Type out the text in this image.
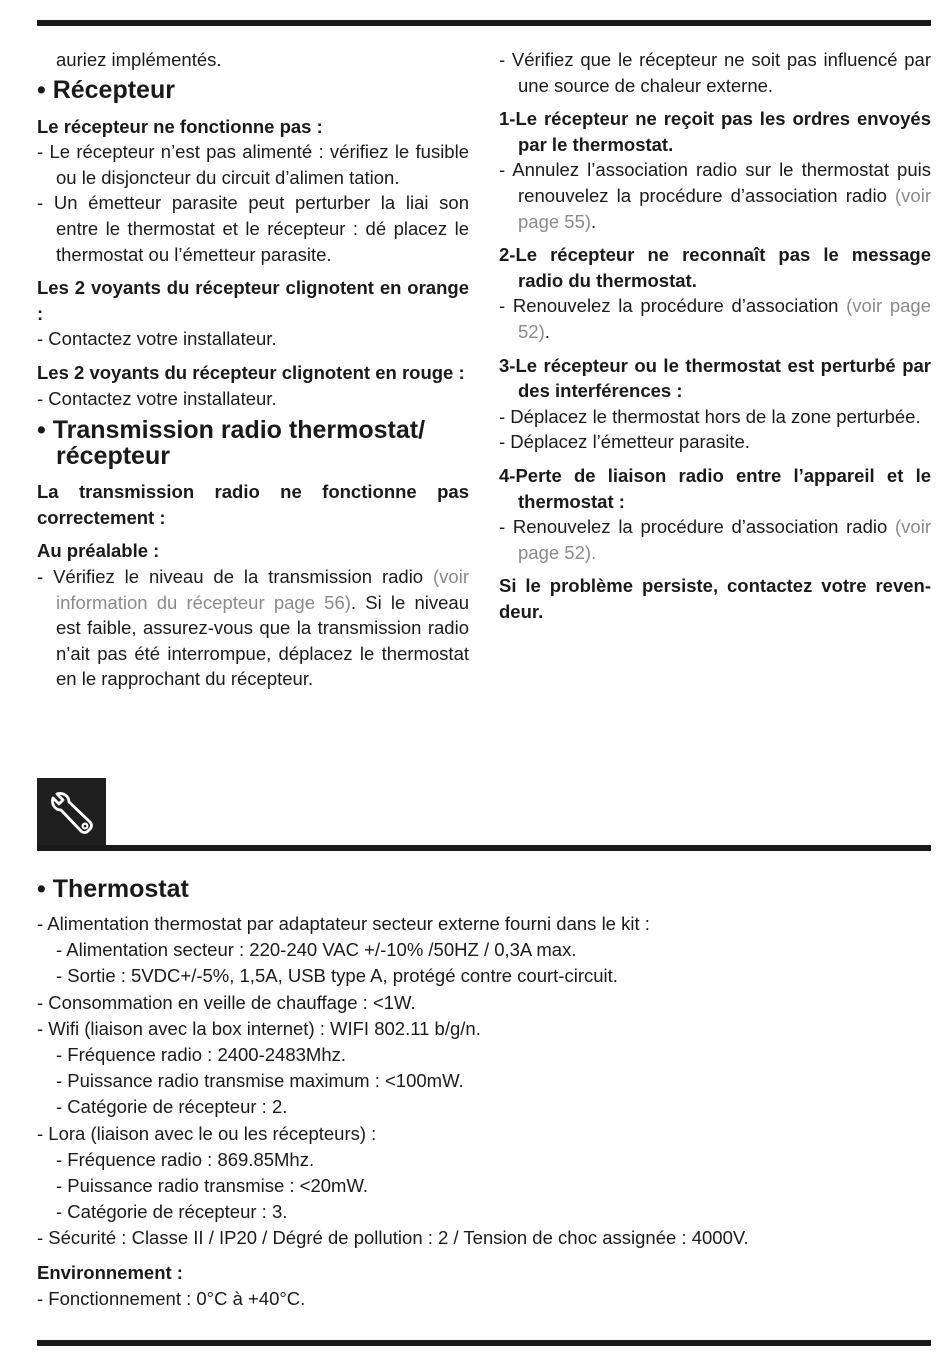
auriez implémentés.

• Récepteur

Le récepteur ne fonctionne pas :

- Le récepteur n’est pas alimenté : vérifiez le fusible ou le disjoncteur du circuit d’alimen tation.

- Un émetteur parasite peut perturber la liai son entre le thermostat et le récepteur : dé placez le thermostat ou l’émetteur parasite.

Les 2 voyants du récepteur clignotent en orange :

- Contactez votre installateur.

Les 2 voyants du récepteur clignotent en rouge :

- Contactez votre installateur.

• Transmission radio thermostat/ récepteur

La transmission radio ne fonctionne pas correctement :

Au préalable :

- Vérifiez le niveau de la transmission radio (voir information du récepteur page 56). Si le niveau est faible, assurez-vous que la transmission radio n’ait pas été interrompue, déplacez le thermostat en le rapprochant du récepteur.

- Vérifiez que le récepteur ne soit pas influencé par une source de chaleur externe.

1-Le récepteur ne reçoit pas les ordres envoyés par le thermostat.

- Annulez l’association radio sur le thermostat puis renouvelez la procédure d’association radio (voir page 55).

2-Le récepteur ne reconnaît pas le message radio du thermostat.

- Renouvelez la procédure d’association (voir page 52).

3-Le récepteur ou le thermostat est perturbé par des interférences :

- Déplacez le thermostat hors de la zone perturbée.

- Déplacez l’émetteur parasite.

4-Perte de liaison radio entre l’appareil et le thermostat :

- Renouvelez la procédure d’association radio (voir page 52).

Si le problème persiste, contactez votre reven- deur.

• Thermostat

- Alimentation thermostat par adaptateur secteur externe fourni dans le kit :

- Alimentation secteur : 220-240 VAC +/-10% /50HZ / 0,3A max.

- Sortie : 5VDC+/-5%, 1,5A, USB type A, protégé contre court-circuit.

- Consommation en veille de chauffage : <1W.

- Wifi (liaison avec la box internet) : WIFI 802.11 b/g/n.

- Fréquence radio : 2400-2483Mhz.

- Puissance radio transmise maximum : <100mW.

- Catégorie de récepteur : 2.

- Lora (liaison avec le ou les récepteurs) :

- Fréquence radio : 869.85Mhz.

- Puissance radio transmise : <20mW.

- Catégorie de récepteur : 3.

- Sécurité : Classe II / IP20 / Dégré de pollution : 2 / Tension de choc assignée : 4000V.

Environnement :

- Fonctionnement : 0°C à +40°C.
